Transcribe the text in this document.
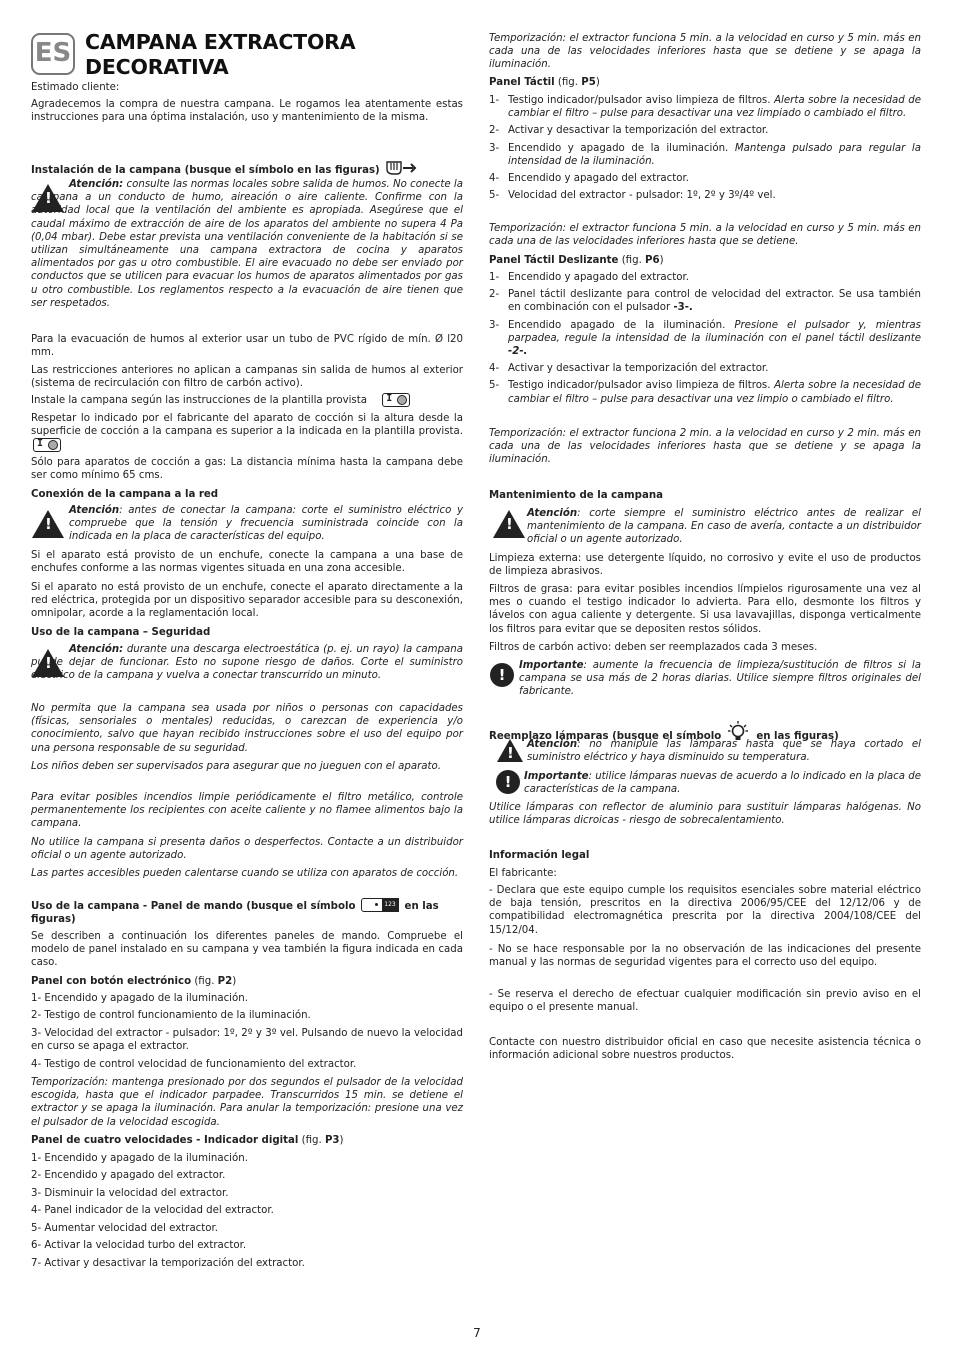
ES CAMPANA EXTRACTORA
DECORATIVA

Estimado cliente:

Agradecemos la compra de nuestra campana. Le rogamos lea atentamente estas instrucciones para una óptima instalación, uso y mantenimiento de la misma.

Instalación de la campana (busque el símbolo en las figuras)
!

Atención: consulte las normas locales sobre salida de humos. No conecte la campana a un conducto de humo, aireación o aire caliente. Confirme con la autoridad local que la ventilación del ambiente es apropiada. Asegúrese que el caudal máximo de extracción de aire de los aparatos del ambiente no supera 4 Pa (0,04 mbar). Debe estar prevista una ventilación conveniente de la habitación si se utilizan simultáneamente una campana extractora de cocina y aparatos alimentados por gas u otro combustible. El aire evacuado no debe ser enviado por conductos que se utilicen para evacuar los humos de aparatos alimentados por gas u otro combustible. Los reglamentos respecto a la evacuación de aire tienen que ser respetados.

Para la evacuación de humos al exterior usar un tubo de PVC rígido de mín. Ø l20 mm.

Las restricciones anteriores no aplican a campanas sin salida de humos al exterior (sistema de recirculación con filtro de carbón activo).

Instale la campana según las instrucciones de la plantilla provista I

Respetar lo indicado por el fabricante del aparato de cocción si la altura desde la superficie de cocción a la campana es superior a la indicada en la plantilla provista.
I

Sólo para aparatos de cocción a gas: La distancia mínima hasta la campana debe ser como mínimo 65 cms.

Conexión de la campana a la red

!

Atención: antes de conectar la campana: corte el suministro eléctrico y compruebe que la tensión y frecuencia suministrada coincide con la indicada en la placa de características del equipo.

Si el aparato está provisto de un enchufe, conecte la campana a una base de enchufes conforme a las normas vigentes situada en una zona accesible.

Si el aparato no está provisto de un enchufe, conecte el aparato directamente a la red eléctrica, protegida por un dispositivo separador accesible para su desconexión, omnipolar, acorde a la reglamentación local.

Uso de la campana – Seguridad

!

Atención: durante una descarga electroestática (p. ej. un rayo) la campana puede dejar de funcionar. Esto no supone riesgo de daños. Corte el suministro eléctrico de la campana y vuelva a conectar transcurrido un minuto.

No permita que la campana sea usada por niños o personas con capacidades (físicas, sensoriales o mentales) reducidas, o carezcan de experiencia y/o conocimiento, salvo que hayan recibido instrucciones sobre el uso del equipo por una persona responsable de su seguridad.

Los niños deben ser supervisados para asegurar que no jueguen con el aparato.

Para evitar posibles incendios limpie periódicamente el filtro metálico, controle permanentemente los recipientes con aceite caliente y no flamee alimentos bajo la campana.

No utilice la campana si presenta daños o desperfectos. Contacte a un distribuidor oficial o un agente autorizado.

Las partes accesibles pueden calentarse cuando se utiliza con aparatos de cocción.

Uso de la campana - Panel de mando (busque el símbolo	123 en las figuras)

Se describen a continuación los diferentes paneles de mando. Compruebe el modelo de panel instalado en su campana y vea también la figura indicada en cada caso.

Panel con botón electrónico (fig. P2)

1- Encendido y apagado de la iluminación.

2- Testigo de control funcionamiento de la iluminación.

3- Velocidad del extractor - pulsador: 1º, 2º y 3º vel. Pulsando de nuevo la velocidad en curso se apaga el extractor.

4- Testigo de control velocidad de funcionamiento del extractor.

Temporización: mantenga presionado por dos segundos el pulsador de la velocidad escogida, hasta que el indicador parpadee. Transcurridos 15 min. se detiene el extractor y se apaga la iluminación. Para anular la temporización: presione una vez el pulsador de la velocidad escogida.

Panel de cuatro velocidades - Indicador digital (fig. P3)

1- Encendido y apagado de la iluminación.

2- Encendido y apagado del extractor.

3- Disminuir la velocidad del extractor.

4- Panel indicador de la velocidad del extractor.

5- Aumentar velocidad del extractor.

6- Activar la velocidad turbo del extractor.

7- Activar y desactivar la temporización del extractor.

Temporización: el extractor funciona 5 min. a la velocidad en curso y 5 min. más en cada una de las velocidades inferiores hasta que se detiene y se apaga la iluminación.

Panel Táctil (fig. P5)
1- Testigo indicador/pulsador aviso limpieza de filtros. Alerta sobre la necesidad de cambiar el filtro – pulse para desactivar una vez limpiado o cambiado el filtro.
2- Activar y desactivar la temporización del extractor.
3- Encendido y apagado de la iluminación. Mantenga pulsado para regular la intensidad de la iluminación.
4- Encendido y apagado del extractor.
5- Velocidad del extractor - pulsador: 1º, 2º y 3º/4º vel.

Temporización: el extractor funciona 5 min. a la velocidad en curso y 5 min. más en cada una de las velocidades inferiores hasta que se detiene.

Panel Táctil Deslizante (fig. P6)
1- Encendido y apagado del extractor.
2- Panel táctil deslizante para control de velocidad del extractor. Se usa también en combinación con el pulsador -3-.
3- Encendido apagado de la iluminación. Presione el pulsador y, mientras parpadea, regule la intensidad de la iluminación con el panel táctil deslizante -2-.
4- Activar y desactivar la temporización del extractor.
5- Testigo indicador/pulsador aviso limpieza de filtros. Alerta sobre la necesidad de cambiar el filtro – pulse para desactivar una vez limpio o cambiado el filtro.

Temporización: el extractor funciona 2 min. a la velocidad en curso y 2 min. más en cada una de las velocidades inferiores hasta que se detiene y se apaga la iluminación.

Mantenimiento de la campana

!

Atención: corte siempre el suministro eléctrico antes de realizar el mantenimiento de la campana. En caso de avería, contacte a un distribuidor oficial o un agente autorizado.

Limpieza externa: use detergente líquido, no corrosivo y evite el uso de productos de limpieza abrasivos.

Filtros de grasa: para evitar posibles incendios límpielos rigurosamente una vez al mes o cuando el testigo indicador lo advierta. Para ello, desmonte los filtros y lávelos con agua caliente y detergente. Si usa lavavajillas, disponga verticalmente los filtros para evitar que se depositen restos sólidos.

Filtros de carbón activo: deben ser reemplazados cada 3 meses.

!

Importante: aumente la frecuencia de limpieza/sustitución de filtros si la campana se usa más de 2 horas diarias. Utilice siempre filtros originales del fabricante.

Reemplazo lámparas (busque el símbolo	en las figuras)
!

Atención: no manipule las lámparas hasta que se haya cortado el suministro eléctrico y haya disminuido su temperatura.

!	Importante: utilice lámparas nuevas de acuerdo a lo indicado en la placa de características de la campana.

Utilice lámparas con reflector de aluminio para sustituir lámparas halógenas. No utilice lámparas dicroicas - riesgo de sobrecalentamiento.

Información legal

El fabricante:

- Declara que este equipo cumple los requisitos esenciales sobre material eléctrico de baja tensión, prescritos en la directiva 2006/95/CEE del 12/12/06 y de compatibilidad electromagnética prescrita por la directiva 2004/108/CEE del 15/12/04.

- No se hace responsable por la no observación de las indicaciones del presente manual y las normas de seguridad vigentes para el correcto uso del equipo.

- Se reserva el derecho de efectuar cualquier modificación sin previo aviso en el equipo o el presente manual.

Contacte con nuestro distribuidor oficial en caso que necesite asistencia técnica o información adicional sobre nuestros productos.

7
